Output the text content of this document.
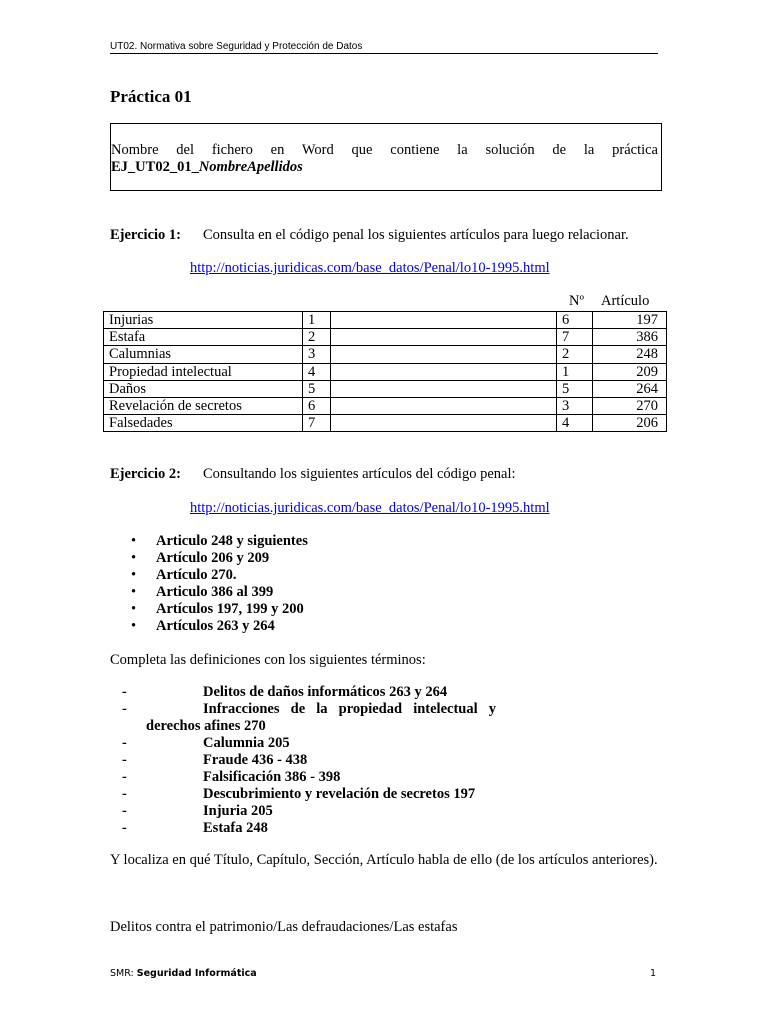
UT02. Normativa sobre Seguridad y Protección de Datos
Práctica 01
Nombre del fichero en Word que contiene la solución de la práctica
EJ_UT02_01_NombreApellidos
Ejercicio 1: Consulta en el código penal los siguientes artículos para luego relacionar.
http://noticias.juridicas.com/base_datos/Penal/lo10-1995.html
Nº Artículo
Injurias	1		6	197
Estafa	2		7	386
Calumnias	3		2	248
Propiedad intelectual	4		1	209
Daños	5		5	264
Revelación de secretos	6		3	270
Falsedades	7		4	206
Ejercicio 2: Consultando los siguientes artículos del código penal:
http://noticias.juridicas.com/base_datos/Penal/lo10-1995.html
• Articulo 248 y siguientes
• Artículo 206 y 209
• Artículo 270.
• Articulo 386 al 399
• Artículos 197, 199 y 200
• Artículos 263 y 264
Completa las definiciones con los siguientes términos:
-	Delitos de daños informáticos 263 y 264
-	Infracciones de la propiedad intelectual y
derechos afines 270
-	Calumnia 205
-	Fraude 436 - 438
-	Falsificación 386 - 398
-	Descubrimiento y revelación de secretos 197
-	Injuria 205
-	Estafa 248
Y localiza en qué Título, Capítulo, Sección, Artículo habla de ello (de los artículos anteriores).
Delitos contra el patrimonio/Las defraudaciones/Las estafas
SMR: Seguridad Informática	1
